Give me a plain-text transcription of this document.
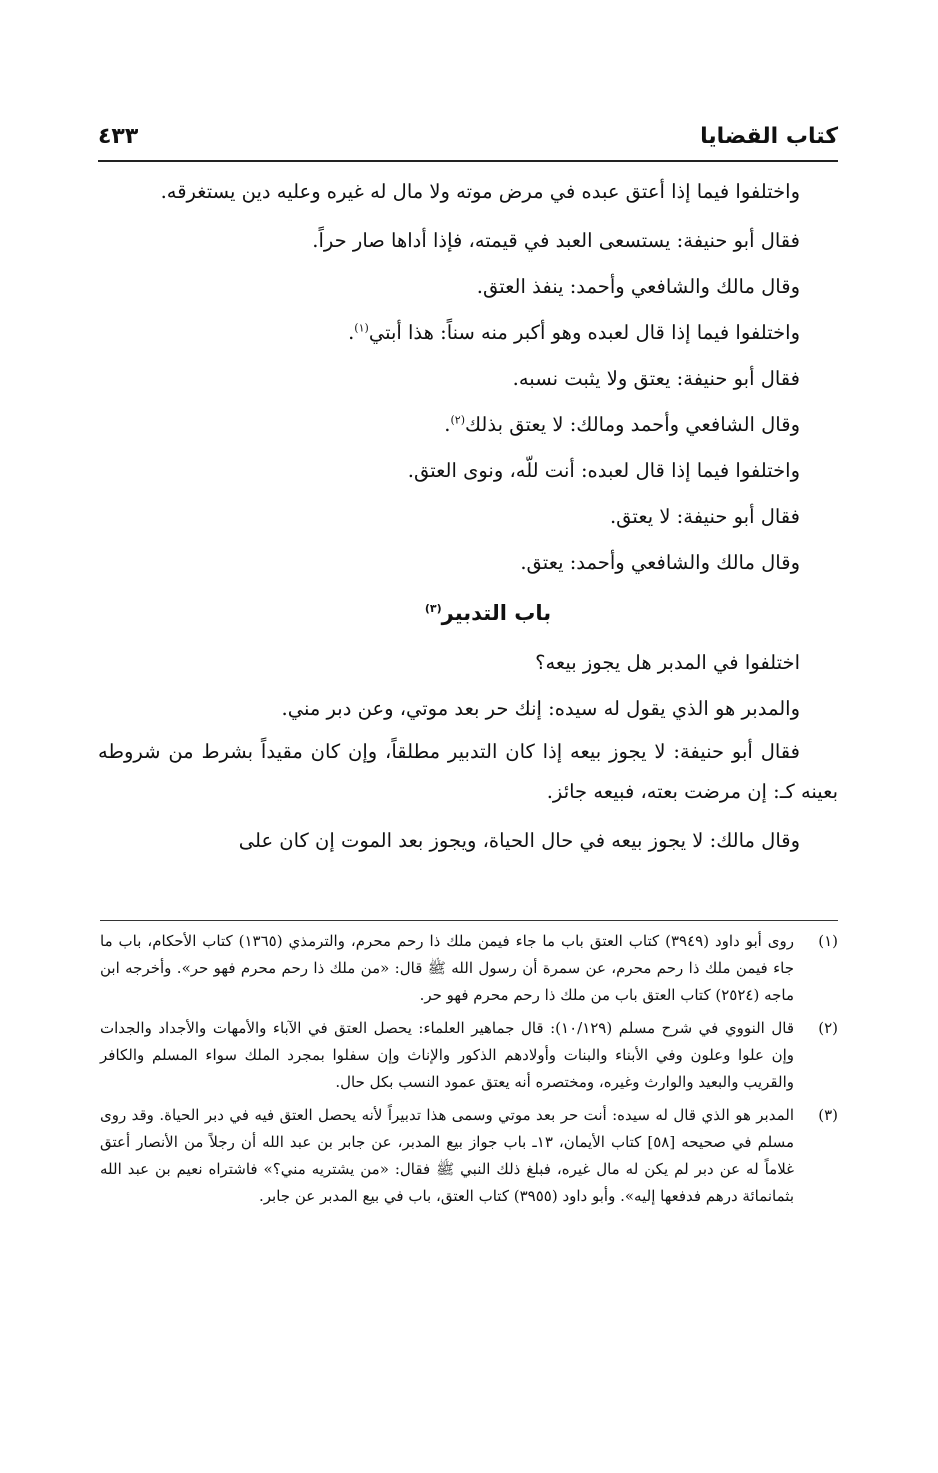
كتاب القضايا
٤٣٣

واختلفوا فيما إذا أعتق عبده في مرض موته ولا مال له غيره وعليه دين يستغرقه.

فقال أبو حنيفة: يستسعى العبد في قيمته، فإذا أداها صار حراً.

وقال مالك والشافعي وأحمد: ينفذ العتق.

واختلفوا فيما إذا قال لعبده وهو أكبر منه سناً: هذا أبتي$^{(١)}$.

فقال أبو حنيفة: يعتق ولا يثبت نسبه.

وقال الشافعي وأحمد ومالك: لا يعتق بذلك$^{(٢)}$.

واختلفوا فيما إذا قال لعبده: أنت للّه، ونوى العتق.

فقال أبو حنيفة: لا يعتق.

وقال مالك والشافعي وأحمد: يعتق.

باب التدبير$^{(٣)}$

اختلفوا في المدبر هل يجوز بيعه؟

والمدبر هو الذي يقول له سيده: إنك حر بعد موتي، وعن دبر مني.

فقال أبو حنيفة: لا يجوز بيعه إذا كان التدبير مطلقاً، وإن كان مقيداً بشرط من شروطه بعينه كـ: إن مرضت بعته، فبيعه جائز.

وقال مالك: لا يجوز بيعه في حال الحياة، ويجوز بعد الموت إن كان على

(١)
روى أبو داود (٣٩٤٩) كتاب العتق باب ما جاء فيمن ملك ذا رحم محرم، والترمذي (١٣٦٥) كتاب الأحكام، باب ما جاء فيمن ملك ذا رحم محرم، عن سمرة أن رسول الله ﷺ قال: «من ملك ذا رحم محرم فهو حر». وأخرجه ابن ماجه (٢٥٢٤) كتاب العتق باب من ملك ذا رحم محرم فهو حر.
(٢)
قال النووي في شرح مسلم (١٠/١٢٩): قال جماهير العلماء: يحصل العتق في الآباء والأمهات والأجداد والجدات وإن علوا وعلون وفي الأبناء والبنات وأولادهم الذكور والإناث وإن سفلوا بمجرد الملك سواء المسلم والكافر والقريب والبعيد والوارث وغيره، ومختصره أنه يعتق عمود النسب بكل حال.
(٣)
المدبر هو الذي قال له سيده: أنت حر بعد موتي وسمى هذا تدبيراً لأنه يحصل العتق فيه في دبر الحياة. وقد روى مسلم في صحيحه [٥٨] كتاب الأيمان، ١٣ـ باب جواز بيع المدبر، عن جابر بن عبد الله أن رجلاً من الأنصار أعتق غلاماً له عن دبر لم يكن له مال غيره، فبلغ ذلك النبي ﷺ فقال: «من يشتريه مني؟» فاشتراه نعيم بن عبد الله بثمانمائة درهم فدفعها إليه». وأبو داود (٣٩٥٥) كتاب العتق، باب في بيع المدبر عن جابر.
